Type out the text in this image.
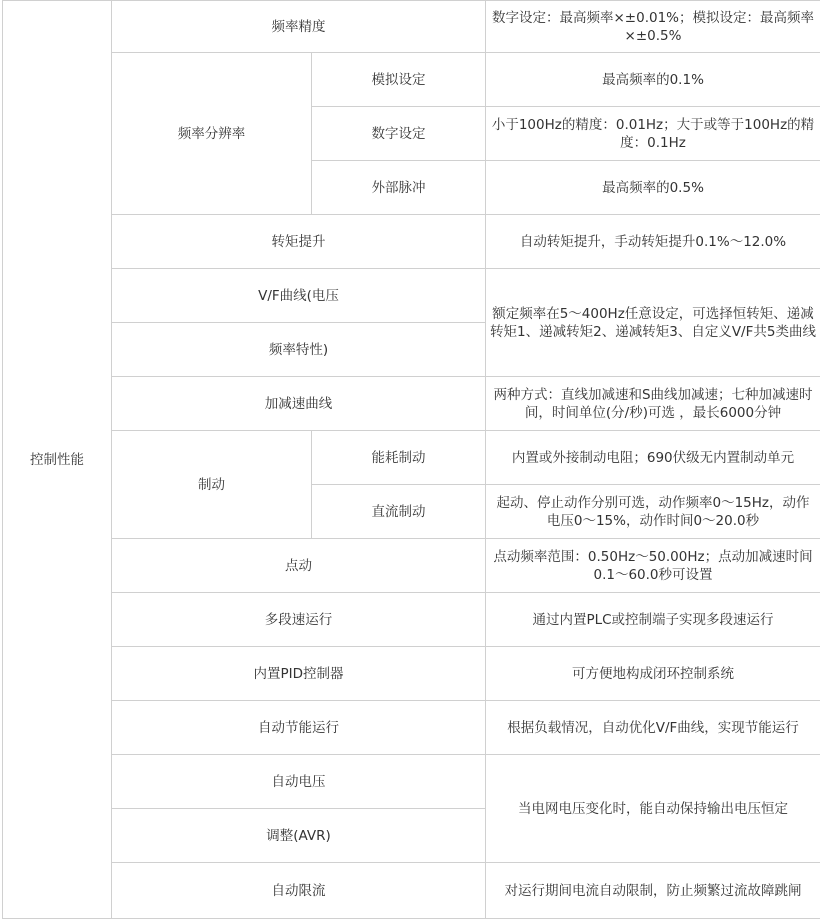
控制性能	频率精度		数字设定：最高频率×±0.01%；模拟设定：最高频率×±0.5%
	频率分辨率	模拟设定	最高频率的0.1%
		数字设定	小于100Hz的精度：0.01Hz；大于或等于100Hz的精度：0.1Hz
		外部脉冲	最高频率的0.5%
	转矩提升		自动转矩提升，手动转矩提升0.1%～12.0%
	V/F曲线(电压		额定频率在5～400Hz任意设定，可选择恒转矩、递减转矩1、递减转矩2、递减转矩3、自定义V/F共5类曲线
	频率特性)		
	加减速曲线		两种方式：直线加减速和S曲线加减速；七种加减速时间，时间单位(分/秒)可选 ，最长6000分钟
	制动	能耗制动	内置或外接制动电阻；690伏级无内置制动单元
		直流制动	起动、停止动作分别可选，动作频率0～15Hz，动作电压0～15%，动作时间0～20.0秒
	点动		点动频率范围：0.50Hz～50.00Hz；点动加减速时间0.1～60.0秒可设置
	多段速运行		通过内置PLC或控制端子实现多段速运行
	内置PID控制器		可方便地构成闭环控制系统
	自动节能运行		根据负载情况，自动优化V/F曲线，实现节能运行
	自动电压		当电网电压变化时，能自动保持输出电压恒定
	调整(AVR)		
	自动限流		对运行期间电流自动限制，防止频繁过流故障跳闸
